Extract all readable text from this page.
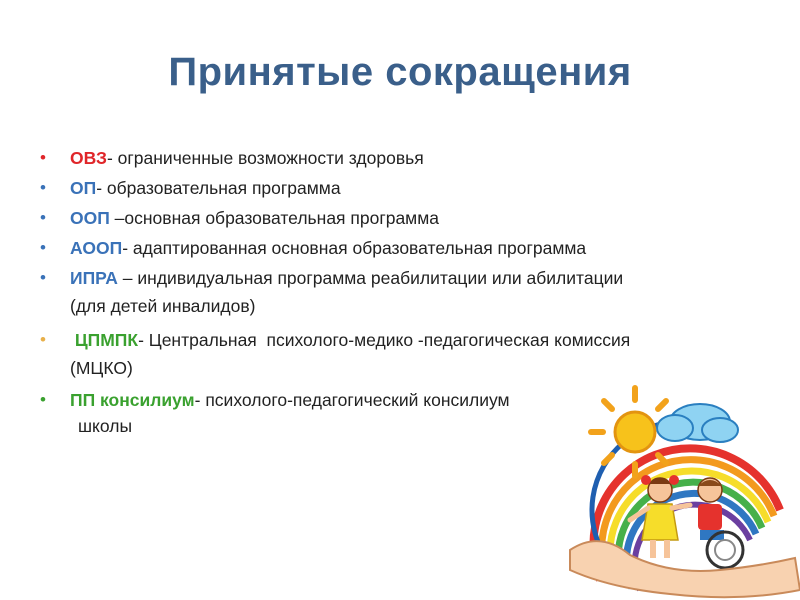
Принятые сокращения
• ОВЗ- ограниченные возможности здоровья
• ОП- образовательная программа
• ООП –основная образовательная программа
• АООП- адаптированная основная образовательная программа
• ИПРА – индивидуальная программа реабилитации или абилитации (для детей инвалидов)
• ЦПМПК- Центральная  психолого-медико -педагогическая комиссия (МЦКО)
• ПП консилиум- психолого-педагогический консилиум
школы
